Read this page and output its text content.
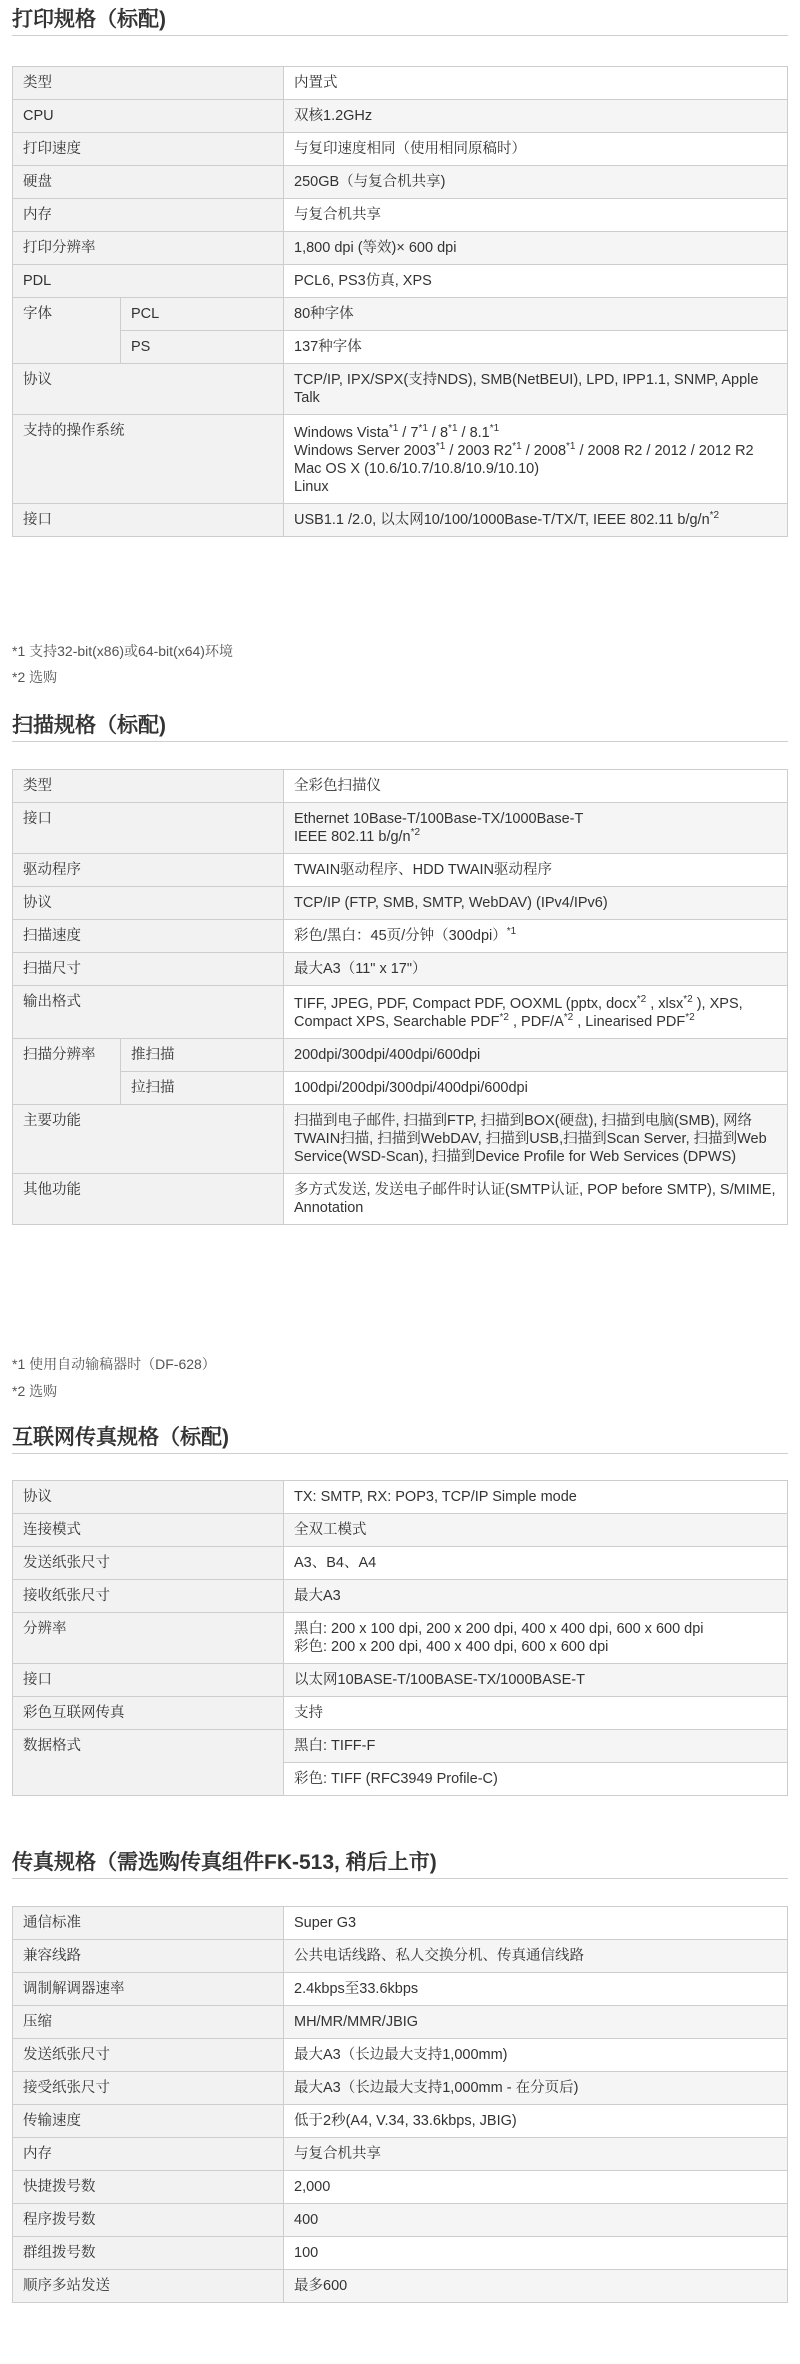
打印规格（标配)
类型		内置式
CPU		双核1.2GHz
打印速度		与复印速度相同（使用相同原稿时）
硬盘		250GB（与复合机共享)
内存		与复合机共享
打印分辨率		1,800 dpi (等效)× 600 dpi
PDL		PCL6, PS3仿真, XPS
字体	PCL	80种字体
	PS	137种字体
协议		TCP/IP, IPX/SPX(支持NDS), SMB(NetBEUI), LPD, IPP1.1, SNMP, Apple Talk
支持的操作系统		Windows Vista$^{*1}$ / 7$^{*1}$ / 8$^{*1}$ / 8.1$^{*1}$
Windows Server 2003$^{*1}$ / 2003 R2$^{*1}$ / 2008$^{*1}$ / 2008 R2 / 2012 / 2012 R2
Mac OS X (10.6/10.7/10.8/10.9/10.10)
Linux

接口		USB1.1 /2.0, 以太网10/100/1000Base-T/TX/T, IEEE 802.11 $b/g/n^{*2}$
*1 支持32-bit(x86)或64-bit(x64)环境
*2 选购
扫描规格（标配)
类型		全彩色扫描仪
接口		Ethernet 10Base-T/100Base-TX/1000Base-T
IEEE 802.11 $b/g/n^{*2}$

驱动程序		TWAIN驱动程序、HDD TWAIN驱动程序
协议		TCP/IP (FTP, SMB, SMTP, WebDAV) (IPv4/IPv6)
扫描速度		彩色/黑白：45页/分钟$(300dpi)^{*1}$
扫描尺寸		最大A3（11" x 17"）
输出格式		TIFF, JPEG, PDF, Compact PDF, OOXML (pptx, docx$^{*2}$ , xlsx$^{*2}$ ), XPS, Compact XPS, Searchable PDF$^{*2}$ , PDF/$A^{*2}$ , Linearised PDF$^{*2}$
扫描分辨率	推扫描	200dpi/300dpi/400dpi/600dpi
	拉扫描	100dpi/200dpi/300dpi/400dpi/600dpi
主要功能		扫描到电子邮件, 扫描到FTP, 扫描到BOX(硬盘), 扫描到电脑(SMB), 网络TWAIN扫描, 扫描到WebDAV, 扫描到USB,扫描到Scan Server, 扫描到Web Service(WSD-Scan), 扫描到Device Profile for Web Services (DPWS)
其他功能		多方式发送, 发送电子邮件时认证(SMTP认证, POP before SMTP), S/MIME, Annotation
*1 使用自动输稿器时（DF-628）
*2 选购
互联网传真规格（标配)
协议	TX: SMTP, RX: POP3, TCP/IP Simple mode
连接模式	全双工模式
发送纸张尺寸	A3、B4、A4
接收纸张尺寸	最大A3
分辨率	黑白: 200 x 100 dpi, 200 x 200 dpi, 400 x 400 dpi, 600 x 600 dpi
彩色: 200 x 200 dpi, 400 x 400 dpi, 600 x 600 dpi

接口	以太网10BASE-T/100BASE-TX/1000BASE-T
彩色互联网传真	支持
数据格式	黑白: TIFF-F
	彩色: TIFF (RFC3949 Profile-C)
传真规格（需选购传真组件FK-513, 稍后上市)
通信标准	Super G3
兼容线路	公共电话线路、私人交换分机、传真通信线路
调制解调器速率	2.4kbps至33.6kbps
压缩	MH/MR/MMR/JBIG
发送纸张尺寸	最大A3（长边最大支持1,000mm)
接受纸张尺寸	最大A3（长边最大支持1,000mm - 在分页后)
传输速度	低于2秒(A4, V.34, 33.6kbps, JBIG)
内存	与复合机共享
快捷拨号数	2,000
程序拨号数	400
群组拨号数	100
顺序多站发送	最多600
